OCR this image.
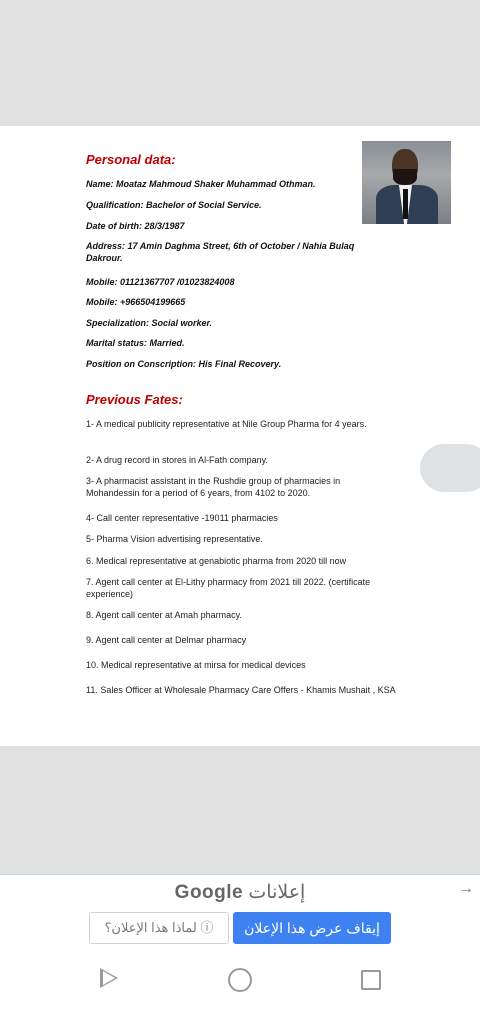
Personal data:
Name: Moataz Mahmoud Shaker Muhammad Othman.
Qualification: Bachelor of Social Service.
Date of birth: 28/3/1987
Address: 17 Amin Daghma Street, 6th of October / Nahia Bulaq Dakrour.
Mobile: 01121367707 /01023824008
Mobile: +966504199665
Specialization: Social worker.
Marital status: Married.
Position on Conscription: His Final Recovery.
Previous Fates:
1- A medical publicity representative at Nile Group Pharma for 4 years.
2- A drug record in stores in Al-Fath company.
3- A pharmacist assistant in the Rushdie group of pharmacies in Mohandessin for a period of 6 years, from 4102 to 2020.
4- Call center representative -19011 pharmacies
5- Pharma Vision advertising representative.
6. Medical representative at genabiotic pharma from 2020 till now
7. Agent call center at El-Lithy pharmacy from 2021 till 2022. (certificate experience)
8. Agent call center at Amah pharmacy.
9. Agent call center at Delmar pharmacy
10. Medical representative at mirsa for medical devices
11. Sales Officer at Wholesale Pharmacy Care Offers - Khamis Mushait , KSA
Google إعلانات	→
لماذا هذا الإعلان؟ ⓘ	إيقاف عرض هذا الإعلان
